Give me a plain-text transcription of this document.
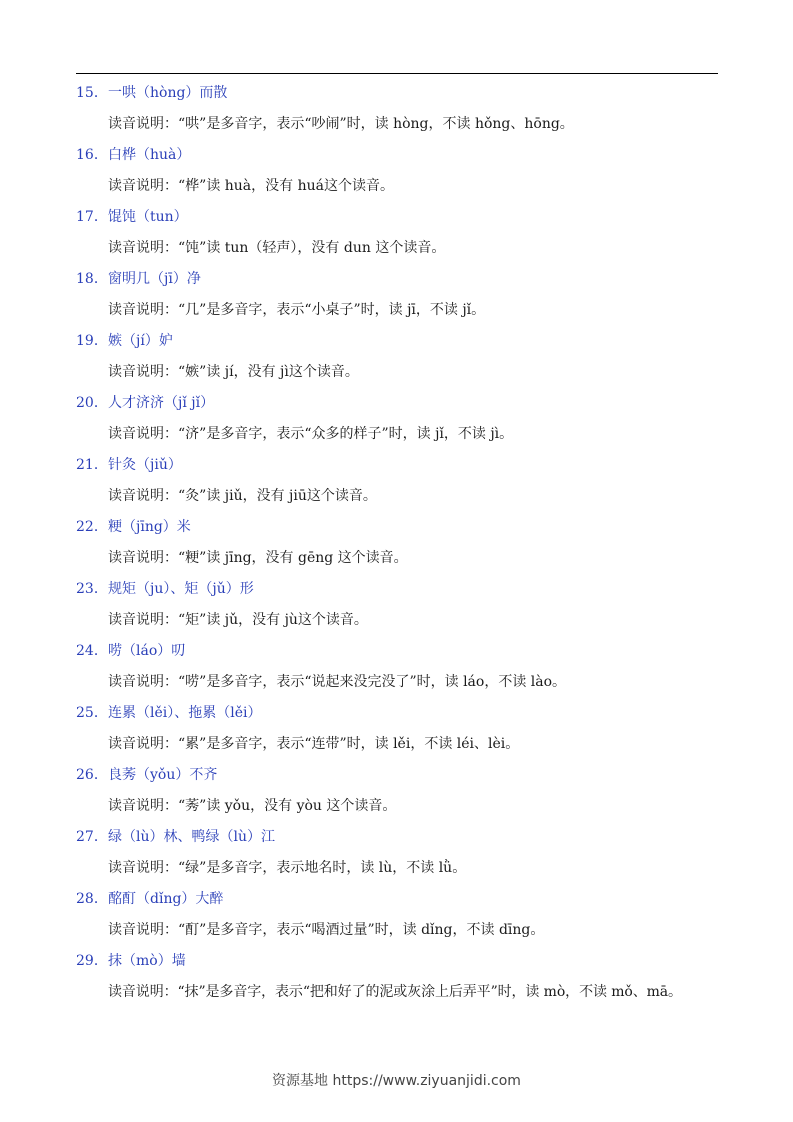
15．一哄（hòng）而散
读音说明：“哄”是多音字，表示“吵闹”时，读 hòng，不读 hǒng、hōng。
16．白桦（huà）
读音说明：“桦”读 huà，没有 huá这个读音。
17．馄饨（tun）
读音说明：“饨”读 tun（轻声），没有 dun 这个读音。
18．窗明几（jī）净
读音说明：“几”是多音字，表示“小桌子”时，读 jī，不读 jǐ。
19．嫉（jí）妒
读音说明：“嫉”读 jí，没有 jì这个读音。
20．人才济济（jǐ jǐ）
读音说明：“济”是多音字，表示“众多的样子”时，读 jǐ，不读 jì。
21．针灸（jiǔ）
读音说明：“灸”读 jiǔ，没有 jiū这个读音。
22．粳（jīng）米
读音说明：“粳”读 jīng，没有 gēng 这个读音。
23．规矩（ju）、矩（jǔ）形
读音说明：“矩”读 jǔ，没有 jù这个读音。
24．唠（láo）叨
读音说明：“唠”是多音字，表示“说起来没完没了”时，读 láo，不读 lào。
25．连累（lěi）、拖累（lěi）
读音说明：“累”是多音字，表示“连带”时，读 lěi，不读 léi、lèi。
26．良莠（yǒu）不齐
读音说明：“莠”读 yǒu，没有 yòu 这个读音。
27．绿（lù）林、鸭绿（lù）江
读音说明：“绿”是多音字，表示地名时，读 lù，不读 lǜ。
28．酩酊（dǐng）大醉
读音说明：“酊”是多音字，表示“喝酒过量”时，读 dǐng，不读 dīng。
29．抹（mò）墙
读音说明：“抹”是多音字，表示“把和好了的泥或灰涂上后弄平”时，读 mò，不读 mǒ、mā。
资源基地 https://www.ziyuanjidi.com
